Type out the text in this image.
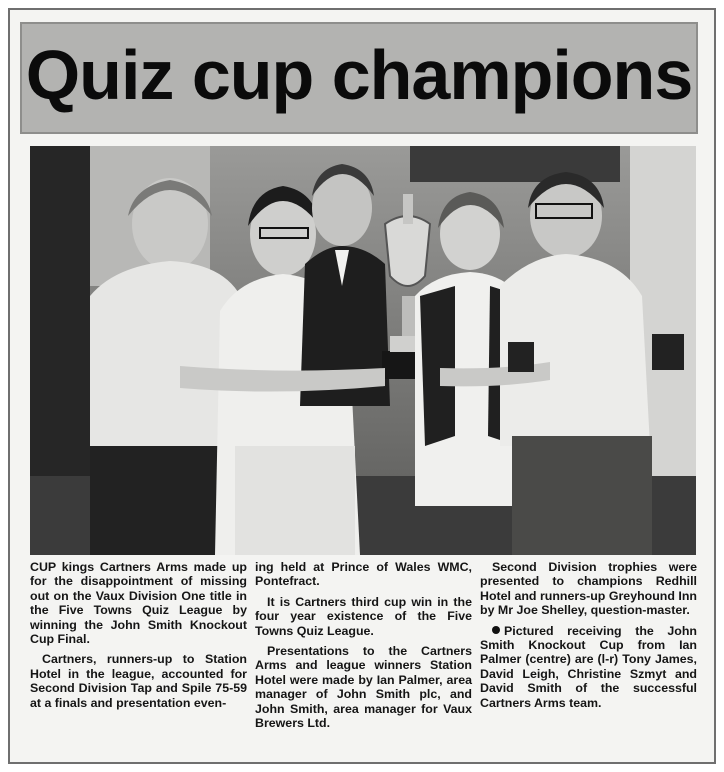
Quiz cup champions

CUP kings Cartners Arms made up for the disappointment of missing out on the Vaux Division One title in the Five Towns Quiz League by winning the John Smith Knockout Cup Final.

Cartners, runners-up to Station Hotel in the league, accounted for Second Division Tap and Spile 75-59 at a finals and presentation even-

ing held at Prince of Wales WMC, Pontefract.

It is Cartners third cup win in the four year existence of the Five Towns Quiz League.

Presentations to the Cartners Arms and league winners Station Hotel were made by Ian Palmer, area manager of John Smith plc, and John Smith, area manager for Vaux Brewers Ltd.

Second Division trophies were presented to champions Redhill Hotel and runners-up Greyhound Inn by Mr Joe Shelley, question-master.

Pictured receiving the John Smith Knockout Cup from Ian Palmer (centre) are (l-r) Tony James, David Leigh, Christine Szmyt and David Smith of the successful Cartners Arms team.
